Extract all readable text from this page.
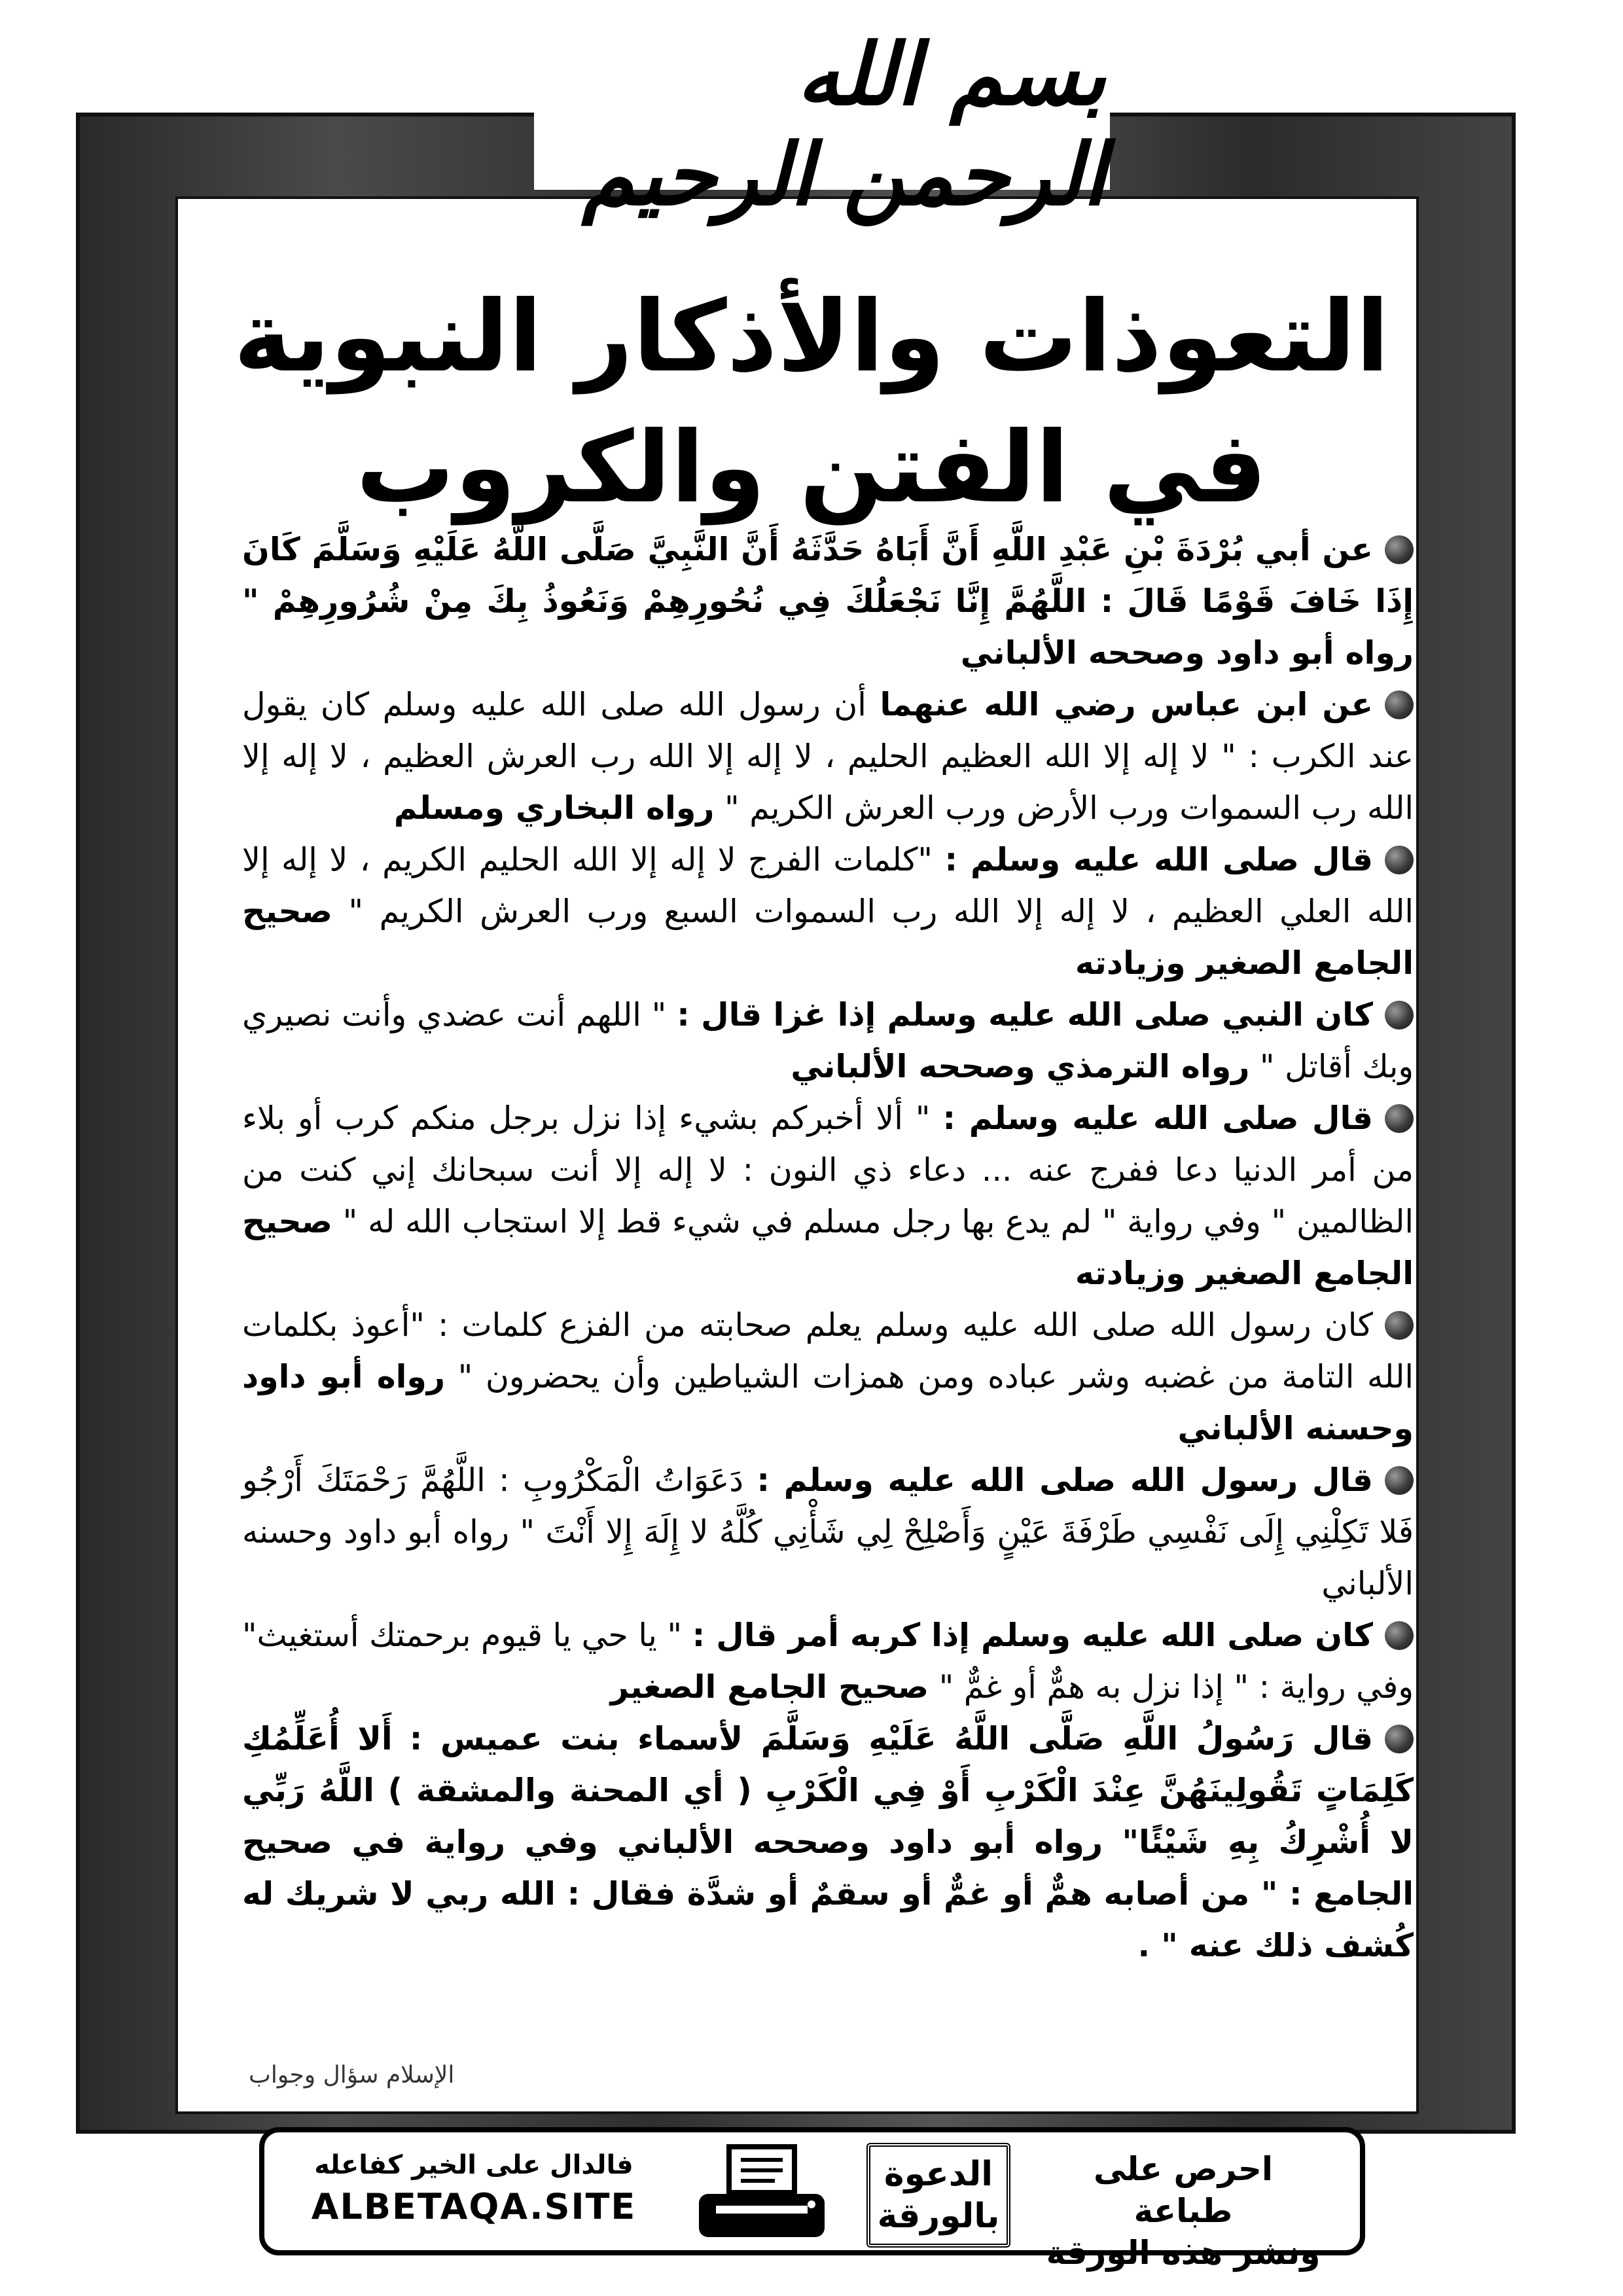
بسم الله الرحمن الرحيم
التعوذات والأذكار النبوية
في الفتن والكروب

عن أبي بُرْدَةَ بْنِ عَبْدِ اللَّهِ أَنَّ أَبَاهُ حَدَّثَهُ أَنَّ النَّبِيَّ صَلَّى اللَّهُ عَلَيْهِ وَسَلَّمَ كَانَ إِذَا خَافَ قَوْمًا قَالَ : اللَّهُمَّ إِنَّا نَجْعَلُكَ فِي نُحُورِهِمْ وَنَعُوذُ بِكَ مِنْ شُرُورِهِمْ " رواه أبو داود وصححه الألباني

عن ابن عباس رضي الله عنهما أن رسول الله صلى الله عليه وسلم كان يقول عند الكرب : " لا إله إلا الله العظيم الحليم ، لا إله إلا الله رب العرش العظيم ، لا إله إلا الله رب السموات ورب الأرض ورب العرش الكريم " رواه البخاري ومسلم

قال صلى الله عليه وسلم : "كلمات الفرج لا إله إلا الله الحليم الكريم ، لا إله إلا الله العلي العظيم ، لا إله إلا الله رب السموات السبع ورب العرش الكريم " صحيح الجامع الصغير وزيادته

كان النبي صلى الله عليه وسلم إذا غزا قال : " اللهم أنت عضدي وأنت نصيري وبك أقاتل " رواه الترمذي وصححه الألباني

قال صلى الله عليه وسلم : " ألا أخبركم بشيء إذا نزل برجل منكم كرب أو بلاء من أمر الدنيا دعا ففرج عنه ... دعاء ذي النون : لا إله إلا أنت سبحانك إني كنت من الظالمين " وفي رواية " لم يدع بها رجل مسلم في شيء قط إلا استجاب الله له " صحيح الجامع الصغير وزيادته

كان رسول الله صلى الله عليه وسلم يعلم صحابته من الفزع كلمات : "أعوذ بكلمات الله التامة من غضبه وشر عباده ومن همزات الشياطين وأن يحضرون " رواه أبو داود وحسنه الألباني

قال رسول الله صلى الله عليه وسلم : دَعَوَاتُ الْمَكْرُوبِ : اللَّهُمَّ رَحْمَتَكَ أَرْجُو فَلا تَكِلْنِي إِلَى نَفْسِي طَرْفَةَ عَيْنٍ وَأَصْلِحْ لِي شَأْنِي كُلَّهُ لا إِلَهَ إِلا أَنْتَ " رواه أبو داود وحسنه الألباني

كان صلى الله عليه وسلم إذا كربه أمر قال : " يا حي يا قيوم برحمتك أستغيث" وفي رواية : " إذا نزل به همٌّ أو غمٌّ " صحيح الجامع الصغير

قال رَسُولُ اللَّهِ صَلَّى اللَّهُ عَلَيْهِ وَسَلَّمَ لأسماء بنت عميس : أَلا أُعَلِّمُكِ كَلِمَاتٍ تَقُولِينَهُنَّ عِنْدَ الْكَرْبِ أَوْ فِي الْكَرْبِ ( أي المحنة والمشقة ) اللَّهُ رَبِّي لا أُشْرِكُ بِهِ شَيْئًا" رواه أبو داود وصححه الألباني وفي رواية في صحيح الجامع : " من أصابه همٌّ أو غمٌّ أو سقمٌ أو شدَّة فقال : الله ربي لا شريك له كُشف ذلك عنه " .

الإسلام سؤال وجواب
فالدال على الخير كفاعله
ALBETAQA.SITE
الدعوة
بالورقة
احرص على طباعة
ونشر هذه الورقة
